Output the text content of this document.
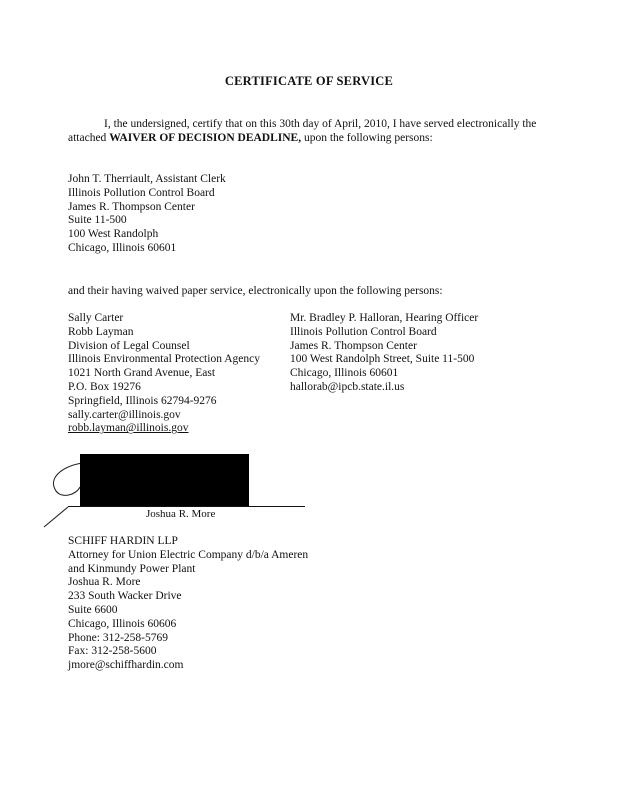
CERTIFICATE OF SERVICE
I, the undersigned, certify that on this 30th day of April, 2010, I have served electronically the attached WAIVER OF DECISION DEADLINE, upon the following persons:
John T. Therriault, Assistant Clerk
Illinois Pollution Control Board
James R. Thompson Center
Suite 11-500
100 West Randolph
Chicago, Illinois 60601
and their having waived paper service, electronically upon the following persons:
Sally Carter
Robb Layman
Division of Legal Counsel
Illinois Environmental Protection Agency
1021 North Grand Avenue, East
P.O. Box 19276
Springfield, Illinois 62794-9276
sally.carter@illinois.gov
robb.layman@illinois.gov
Mr. Bradley P. Halloran, Hearing Officer
Illinois Pollution Control Board
James R. Thompson Center
100 West Randolph Street, Suite 11-500
Chicago, Illinois 60601
hallorab@ipcb.state.il.us
Joshua R. More
SCHIFF HARDIN LLP
Attorney for Union Electric Company d/b/a Ameren
and Kinmundy Power Plant
Joshua R. More
233 South Wacker Drive
Suite 6600
Chicago, Illinois 60606
Phone: 312-258-5769
Fax: 312-258-5600
jmore@schiffhardin.com
